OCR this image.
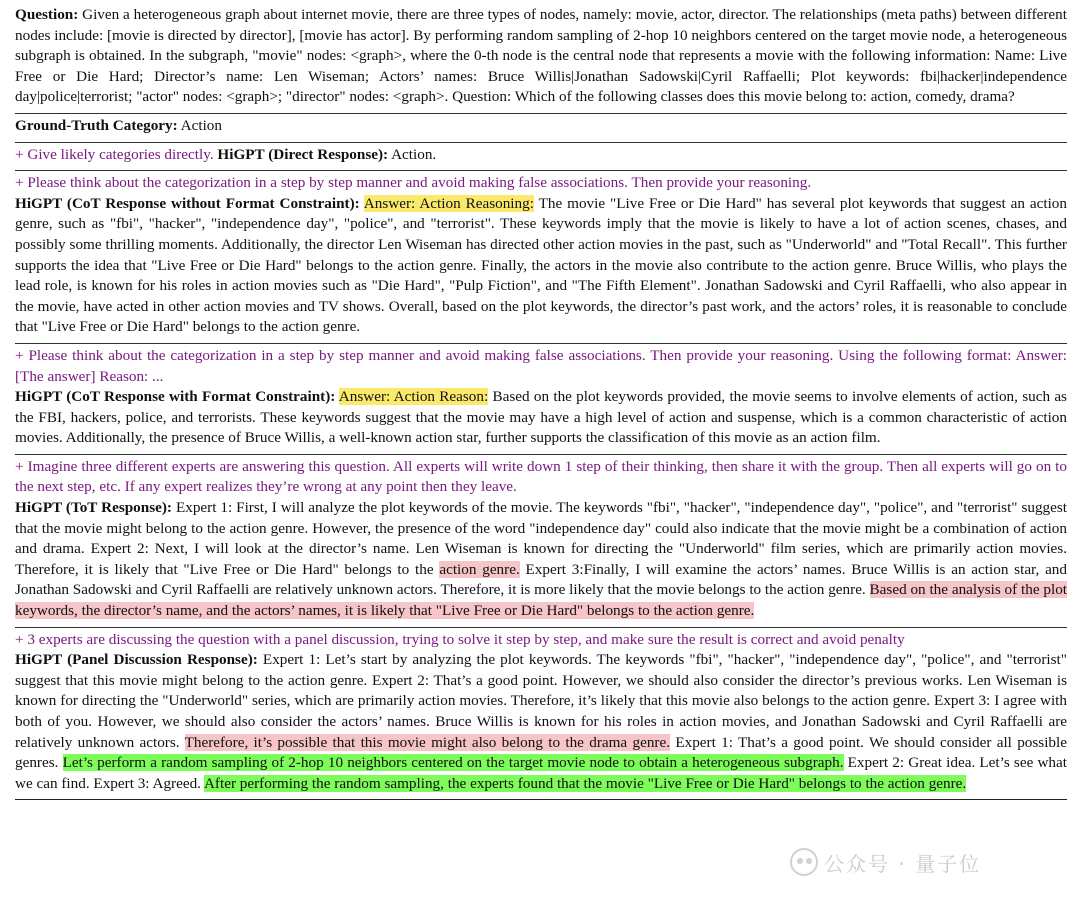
Question: Given a heterogeneous graph about internet movie, there are three types of nodes, namely: movie, actor, director. The relationships (meta paths) between different nodes include: [movie is directed by director], [movie has actor]. By performing random sampling of 2-hop 10 neighbors centered on the target movie node, a heterogeneous subgraph is obtained. In the subgraph, "movie" nodes: <graph>, where the 0-th node is the central node that represents a movie with the following information: Name: Live Free or Die Hard; Director’s name: Len Wiseman; Actors’ names: Bruce Willis|Jonathan Sadowski|Cyril Raffaelli; Plot keywords: fbi|hacker|independence day|police|terrorist; "actor" nodes: <graph>; "director" nodes: <graph>. Question: Which of the following classes does this movie belong to: action, comedy, drama?
Ground-Truth Category: Action
+ Give likely categories directly. HiGPT (Direct Response): Action.
+ Please think about the categorization in a step by step manner and avoid making false associations. Then provide your reasoning.
HiGPT (CoT Response without Format Constraint): Answer: Action Reasoning: The movie "Live Free or Die Hard" has several plot keywords that suggest an action genre, such as "fbi", "hacker", "independence day", "police", and "terrorist". These keywords imply that the movie is likely to have a lot of action scenes, chases, and possibly some thrilling moments. Additionally, the director Len Wiseman has directed other action movies in the past, such as "Underworld" and "Total Recall". This further supports the idea that "Live Free or Die Hard" belongs to the action genre. Finally, the actors in the movie also contribute to the action genre. Bruce Willis, who plays the lead role, is known for his roles in action movies such as "Die Hard", "Pulp Fiction", and "The Fifth Element". Jonathan Sadowski and Cyril Raffaelli, who also appear in the movie, have acted in other action movies and TV shows. Overall, based on the plot keywords, the director’s past work, and the actors’ roles, it is reasonable to conclude that "Live Free or Die Hard" belongs to the action genre.
+ Please think about the categorization in a step by step manner and avoid making false associations. Then provide your reasoning. Using the following format: Answer: [The answer] Reason: ...
HiGPT (CoT Response with Format Constraint): Answer: Action Reason: Based on the plot keywords provided, the movie seems to involve elements of action, such as the FBI, hackers, police, and terrorists. These keywords suggest that the movie may have a high level of action and suspense, which is a common characteristic of action movies. Additionally, the presence of Bruce Willis, a well-known action star, further supports the classification of this movie as an action film.
+ Imagine three different experts are answering this question. All experts will write down 1 step of their thinking, then share it with the group. Then all experts will go on to the next step, etc. If any expert realizes they’re wrong at any point then they leave.
HiGPT (ToT Response): Expert 1: First, I will analyze the plot keywords of the movie. The keywords "fbi", "hacker", "independence day", "police", and "terrorist" suggest that the movie might belong to the action genre. However, the presence of the word "independence day" could also indicate that the movie might be a combination of action and drama. Expert 2: Next, I will look at the director’s name. Len Wiseman is known for directing the "Underworld" film series, which are primarily action movies. Therefore, it is likely that "Live Free or Die Hard" belongs to the action genre. Expert 3:Finally, I will examine the actors’ names. Bruce Willis is an action star, and Jonathan Sadowski and Cyril Raffaelli are relatively unknown actors. Therefore, it is more likely that the movie belongs to the action genre. Based on the analysis of the plot keywords, the director’s name, and the actors’ names, it is likely that "Live Free or Die Hard" belongs to the action genre.
+ 3 experts are discussing the question with a panel discussion, trying to solve it step by step, and make sure the result is correct and avoid penalty
HiGPT (Panel Discussion Response): Expert 1: Let’s start by analyzing the plot keywords. The keywords "fbi", "hacker", "independence day", "police", and "terrorist" suggest that this movie might belong to the action genre. Expert 2: That’s a good point. However, we should also consider the director’s previous works. Len Wiseman is known for directing the "Underworld" series, which are primarily action movies. Therefore, it’s likely that this movie also belongs to the action genre. Expert 3: I agree with both of you. However, we should also consider the actors’ names. Bruce Willis is known for his roles in action movies, and Jonathan Sadowski and Cyril Raffaelli are relatively unknown actors. Therefore, it’s possible that this movie might also belong to the drama genre. Expert 1: That’s a good point. We should consider all possible genres. Let’s perform a random sampling of 2-hop 10 neighbors centered on the target movie node to obtain a heterogeneous subgraph. Expert 2: Great idea. Let’s see what we can find. Expert 3: Agreed. After performing the random sampling, the experts found that the movie "Live Free or Die Hard" belongs to the action genre.
公众号 · 量子位
